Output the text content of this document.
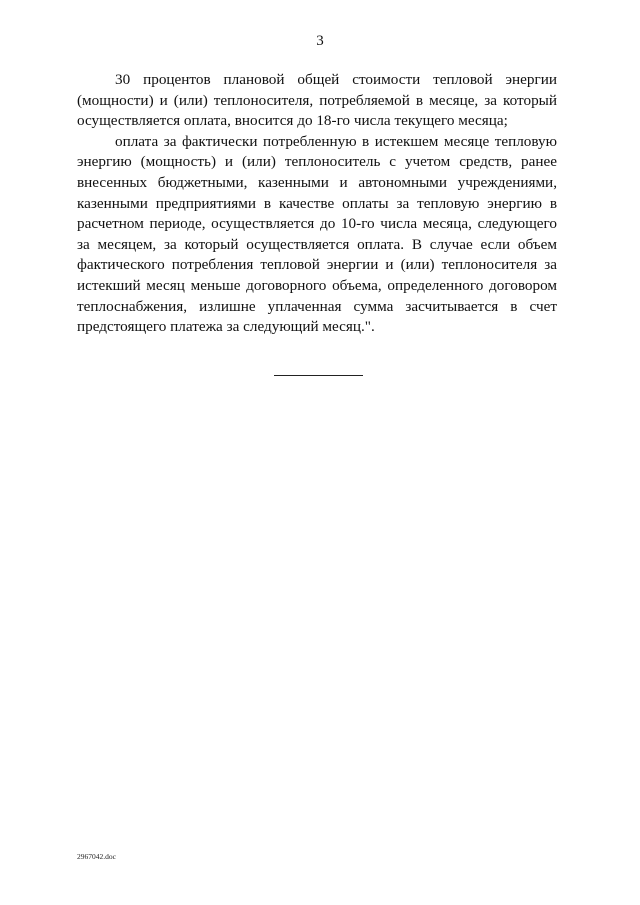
3

30 процентов плановой общей стоимости тепловой энергии (мощности) и (или) теплоносителя, потребляемой в месяце, за который осуществляется оплата, вносится до 18-го числа текущего месяца;

оплата за фактически потребленную в истекшем месяце тепловую энергию (мощность) и (или) теплоноситель с учетом средств, ранее внесенных бюджетными, казенными и автономными учреждениями, казенными предприятиями в качестве оплаты за тепловую энергию в расчетном периоде, осуществляется до 10-го числа месяца, следующего за месяцем, за который осуществляется оплата. В случае если объем фактического потребления тепловой энергии и (или) теплоносителя за истекший месяц меньше договорного объема, определенного договором теплоснабжения, излишне уплаченная сумма засчитывается в счет предстоящего платежа за следующий месяц.".

2967042.doc
